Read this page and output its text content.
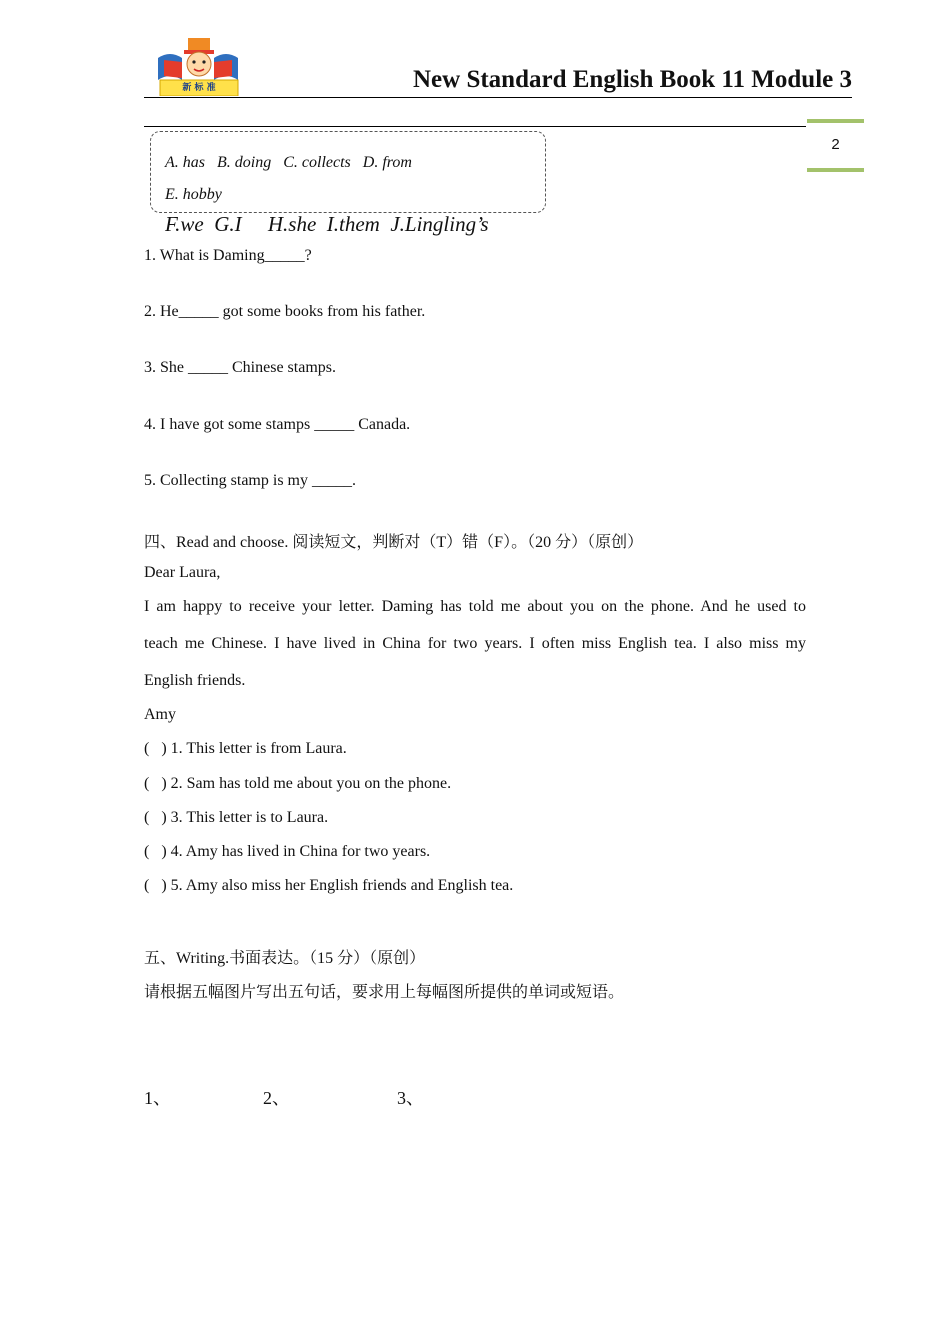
新 标 准	New Standard English Book 11 Module 3
2
A. has   B. doing   C. collects   D. from
E. hobby
F.we  G.I     H.she  I.them  J.Lingling’s
1. What is Daming_____?
2. He_____ got some books from his father.
3. She _____ Chinese stamps.
4. I have got some stamps _____ Canada.
5. Collecting stamp is my _____.
四、Read and choose. 阅读短文，判断对（T）错（F）。（20 分）（原创）
Dear Laura,
I am happy to receive your letter. Daming has told me about you on the phone. And he used to
teach me Chinese. I have lived in China for two years. I often miss English tea. I also miss my
English friends.
Amy
(   ) 1. This letter is from Laura.
(   ) 2. Sam has told me about you on the phone.
(   ) 3. This letter is to Laura.
(   ) 4. Amy has lived in China for two years.
(   ) 5. Amy also miss her English friends and English tea.
五、Writing.书面表达。（15 分）（原创）
请根据五幅图片写出五句话，要求用上每幅图所提供的单词或短语。
1、	2、	3、
